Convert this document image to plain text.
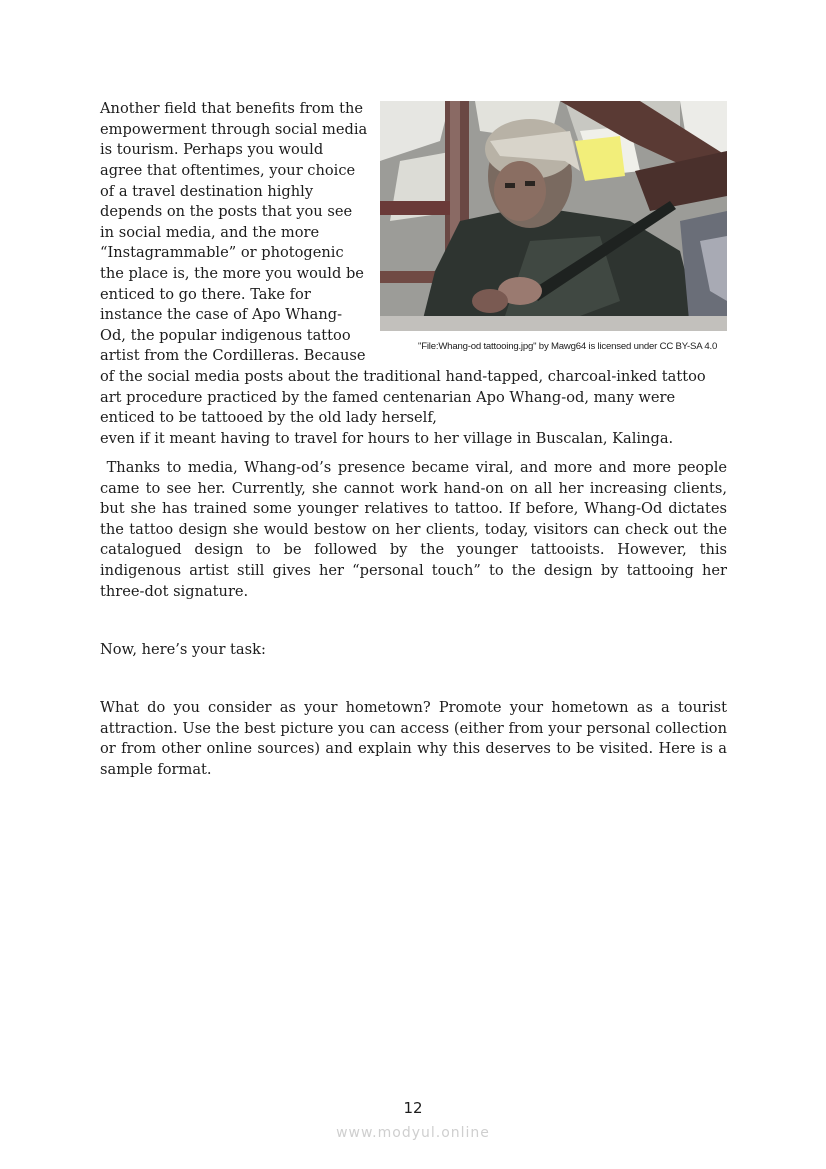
Another field that benefits from the
empowerment through social media
is tourism. Perhaps you would
agree that oftentimes, your choice
of a travel destination highly
depends on the posts that you see
in social media, and the more
“Instagrammable” or photogenic
the place is, the more you would be
enticed to go there. Take for
instance the case of Apo Whang-
Od, the popular indigenous tattoo
artist from the Cordilleras. Because
of the social media posts about the traditional hand-tapped, charcoal-inked tattoo
art procedure practiced by the famed centenarian Apo Whang-od, many were
enticed to be tattooed by the old lady herself,
even if it meant having to travel for hours to her village in Buscalan, Kalinga.
"File:Whang-od tattooing.jpg" by Mawg64 is licensed under CC BY-SA 4.0

Thanks to media, Whang-od’s presence became viral, and more and more people came to see her. Currently, she cannot work hand-on on all her increasing clients, but she has trained some younger relatives to tattoo. If before, Whang-Od dictates the tattoo design she would bestow on her clients, today, visitors can check out the catalogued design to be followed by the younger tattooists. However, this indigenous artist still gives her “personal touch” to the design by tattooing her three-dot signature.

Now, here’s your task:

What do you consider as your hometown? Promote your hometown as a tourist attraction. Use the best picture you can access (either from your personal collection or from other online sources) and explain why this deserves to be visited. Here is a sample format.

12
www.modyul.online
